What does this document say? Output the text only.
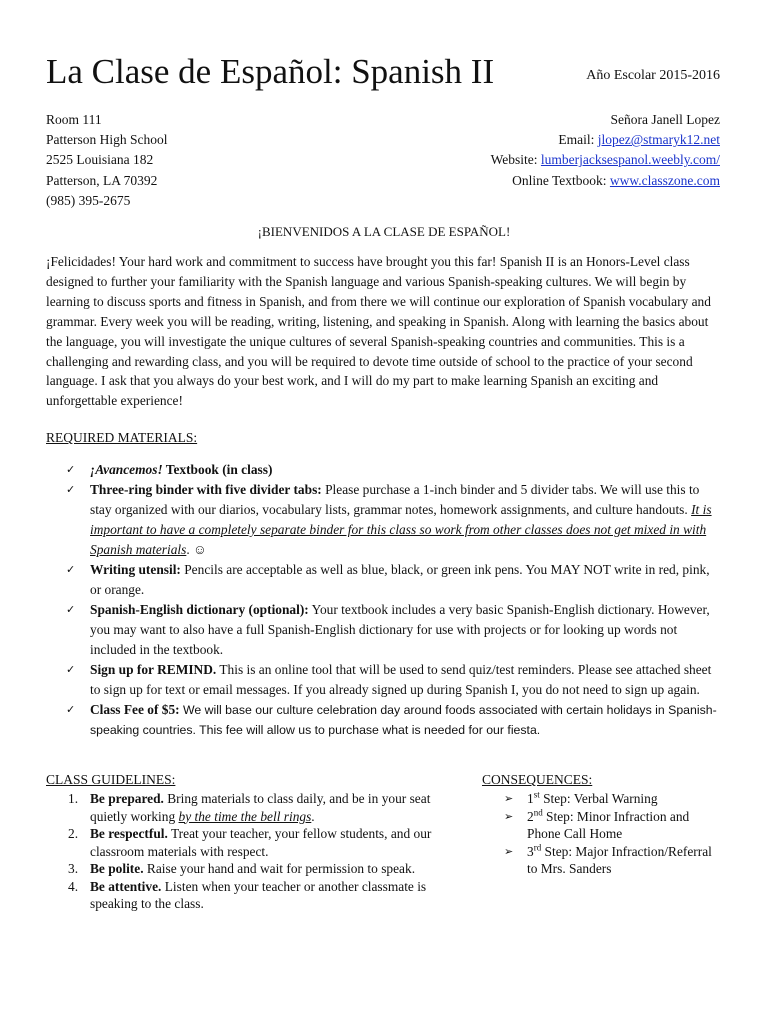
La Clase de Español: Spanish II	Año Escolar 2015-2016
Room 111
Patterson High School
2525 Louisiana 182
Patterson, LA 70392
(985) 395-2675
Señora Janell Lopez
Email: jlopez@stmaryk12.net
Website: lumberjacksespanol.weebly.com/
Online Textbook: www.classzone.com
¡BIENVENIDOS A LA CLASE DE ESPAÑOL!

¡Felicidades! Your hard work and commitment to success have brought you this far! Spanish II is an Honors-Level class designed to further your familiarity with the Spanish language and various Spanish-speaking cultures. We will begin by learning to discuss sports and fitness in Spanish, and from there we will continue our exploration of Spanish vocabulary and grammar. Every week you will be reading, writing, listening, and speaking in Spanish. Along with learning the basics about the language, you will investigate the unique cultures of several Spanish-speaking countries and communities. This is a challenging and rewarding class, and you will be required to devote time outside of school to the practice of your second language. I ask that you always do your best work, and I will do my part to make learning Spanish an exciting and unforgettable experience!

REQUIRED MATERIALS:
✓ ¡Avancemos! Textbook (in class)
✓ Three-ring binder with five divider tabs: Please purchase a 1-inch binder and 5 divider tabs. We will use this to stay organized with our diarios, vocabulary lists, grammar notes, homework assignments, and culture handouts. It is important to have a completely separate binder for this class so work from other classes does not get mixed in with Spanish materials. ☺
✓ Writing utensil: Pencils are acceptable as well as blue, black, or green ink pens. You MAY NOT write in red, pink, or orange.
✓ Spanish-English dictionary (optional): Your textbook includes a very basic Spanish-English dictionary. However, you may want to also have a full Spanish-English dictionary for use with projects or for looking up words not included in the textbook.
✓ Sign up for REMIND. This is an online tool that will be used to send quiz/test reminders. Please see attached sheet to sign up for text or email messages. If you already signed up during Spanish I, you do not need to sign up again.
✓ Class Fee of $5: We will base our culture celebration day around foods associated with certain holidays in Spanish-speaking countries. This fee will allow us to purchase what is needed for our fiesta.
CLASS GUIDELINES:
1. Be prepared. Bring materials to class daily, and be in your seat quietly working by the time the bell rings.
2. Be respectful. Treat your teacher, your fellow students, and our classroom materials with respect.
3. Be polite. Raise your hand and wait for permission to speak.
4. Be attentive. Listen when your teacher or another classmate is speaking to the class.
CONSEQUENCES:
➢ 1st Step: Verbal Warning
➢ 2nd Step: Minor Infraction and Phone Call Home
➢ 3rd Step: Major Infraction/Referral to Mrs. Sanders
